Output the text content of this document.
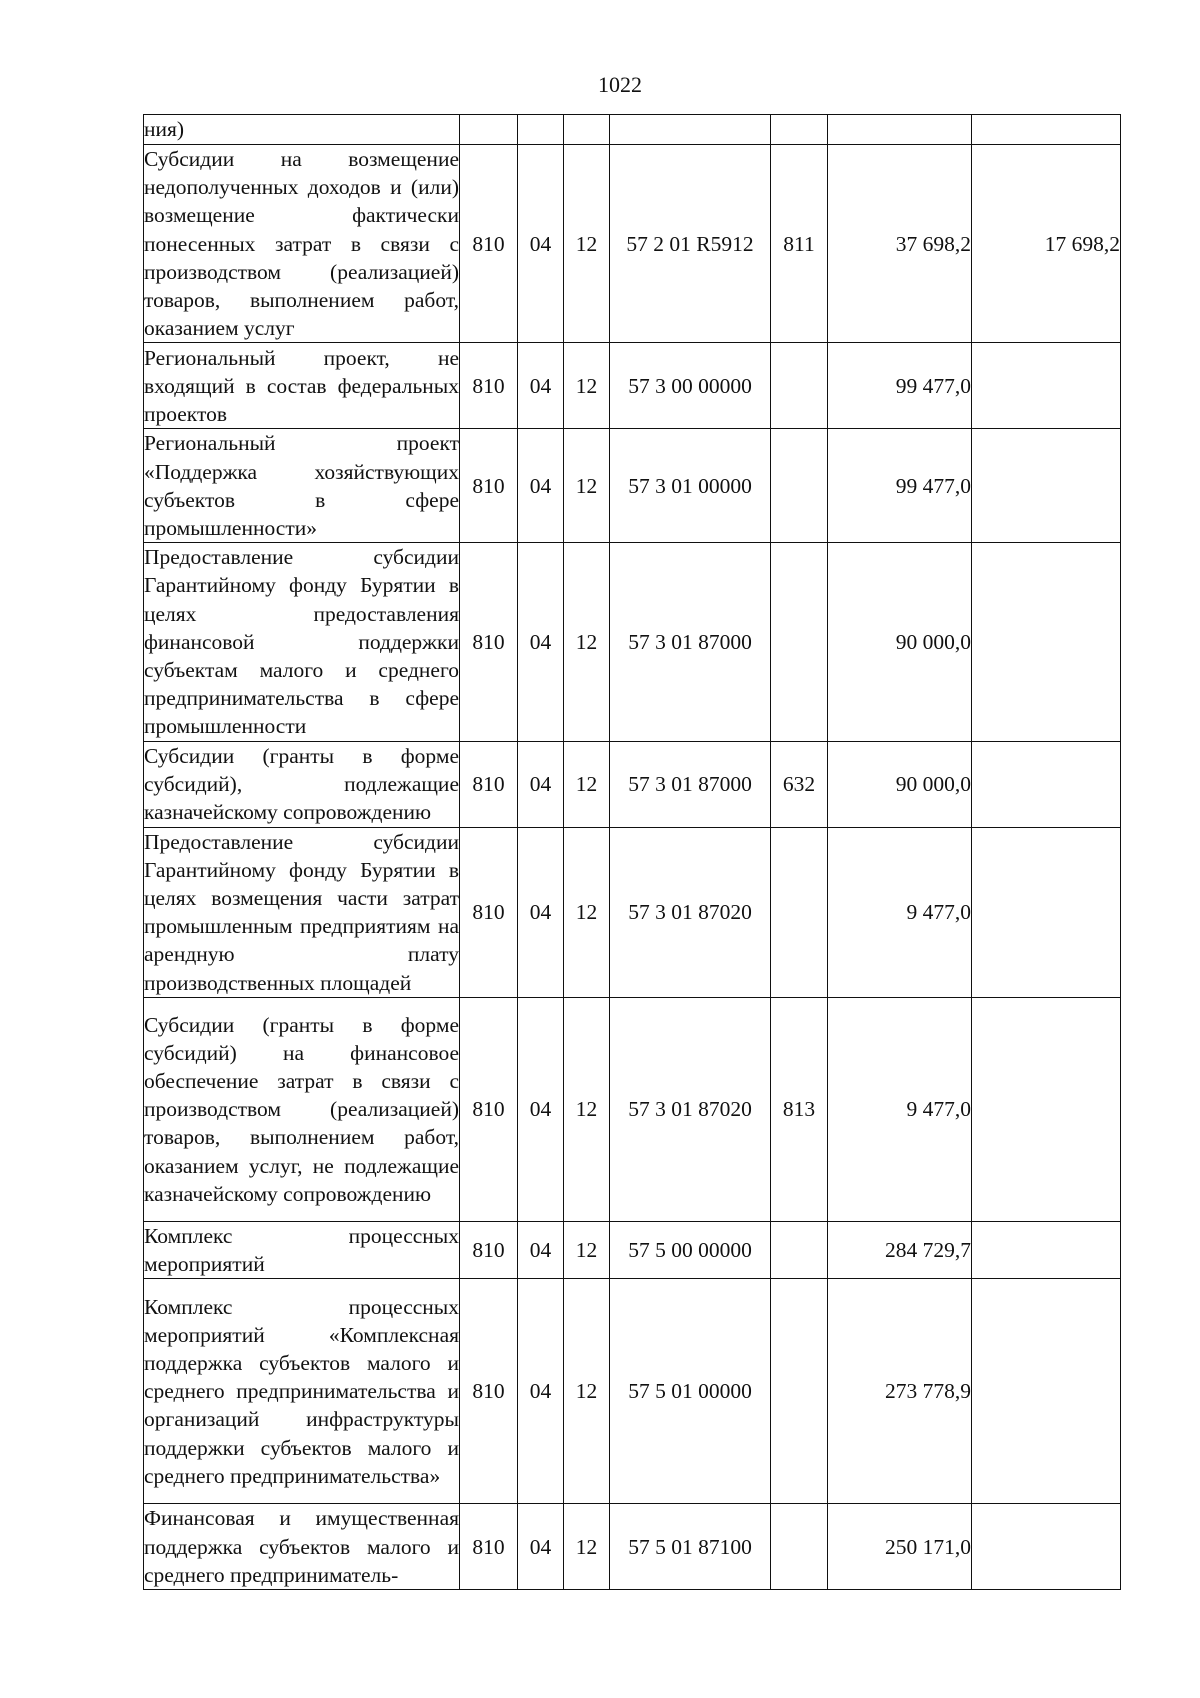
1022
ния)							
Субсидии на возмещение недополученных доходов и (или) возмещение фактически понесенных затрат в связи с производством (реализацией) товаров, выполнением работ, оказанием услуг	810	04	12	57 2 01 R5912	811	37 698,2	17 698,2
Региональный проект, не входящий в состав федеральных проектов	810	04	12	57 3 00 00000		99 477,0	
Региональный проект «Поддержка хозяйствующих субъектов в сфере промышленности»	810	04	12	57 3 01 00000		99 477,0	
Предоставление субсидии Гарантийному фонду Бурятии в целях предоставления финансовой поддержки субъектам малого и среднего предпринимательства в сфере промышленности	810	04	12	57 3 01 87000		90 000,0	
Субсидии (гранты в форме субсидий), подлежащие казначейскому сопровождению	810	04	12	57 3 01 87000	632	90 000,0	
Предоставление субсидии Гарантийному фонду Бурятии в целях возмещения части затрат промышленным предприятиям на арендную плату производственных площадей	810	04	12	57 3 01 87020		9 477,0	
Субсидии (гранты в форме субсидий) на финансовое обеспечение затрат в связи с производством (реализацией) товаров, выполнением работ, оказанием услуг, не подлежащие казначейскому сопровождению	810	04	12	57 3 01 87020	813	9 477,0	
Комплекс процессных мероприятий	810	04	12	57 5 00 00000		284 729,7	
Комплекс процессных мероприятий «Комплексная поддержка субъектов малого и среднего предпринимательства и организаций инфраструктуры поддержки субъектов малого и среднего предпринимательства»	810	04	12	57 5 01 00000		273 778,9	
Финансовая и имущественная поддержка субъектов малого и среднего предприниматель-	810	04	12	57 5 01 87100		250 171,0	
